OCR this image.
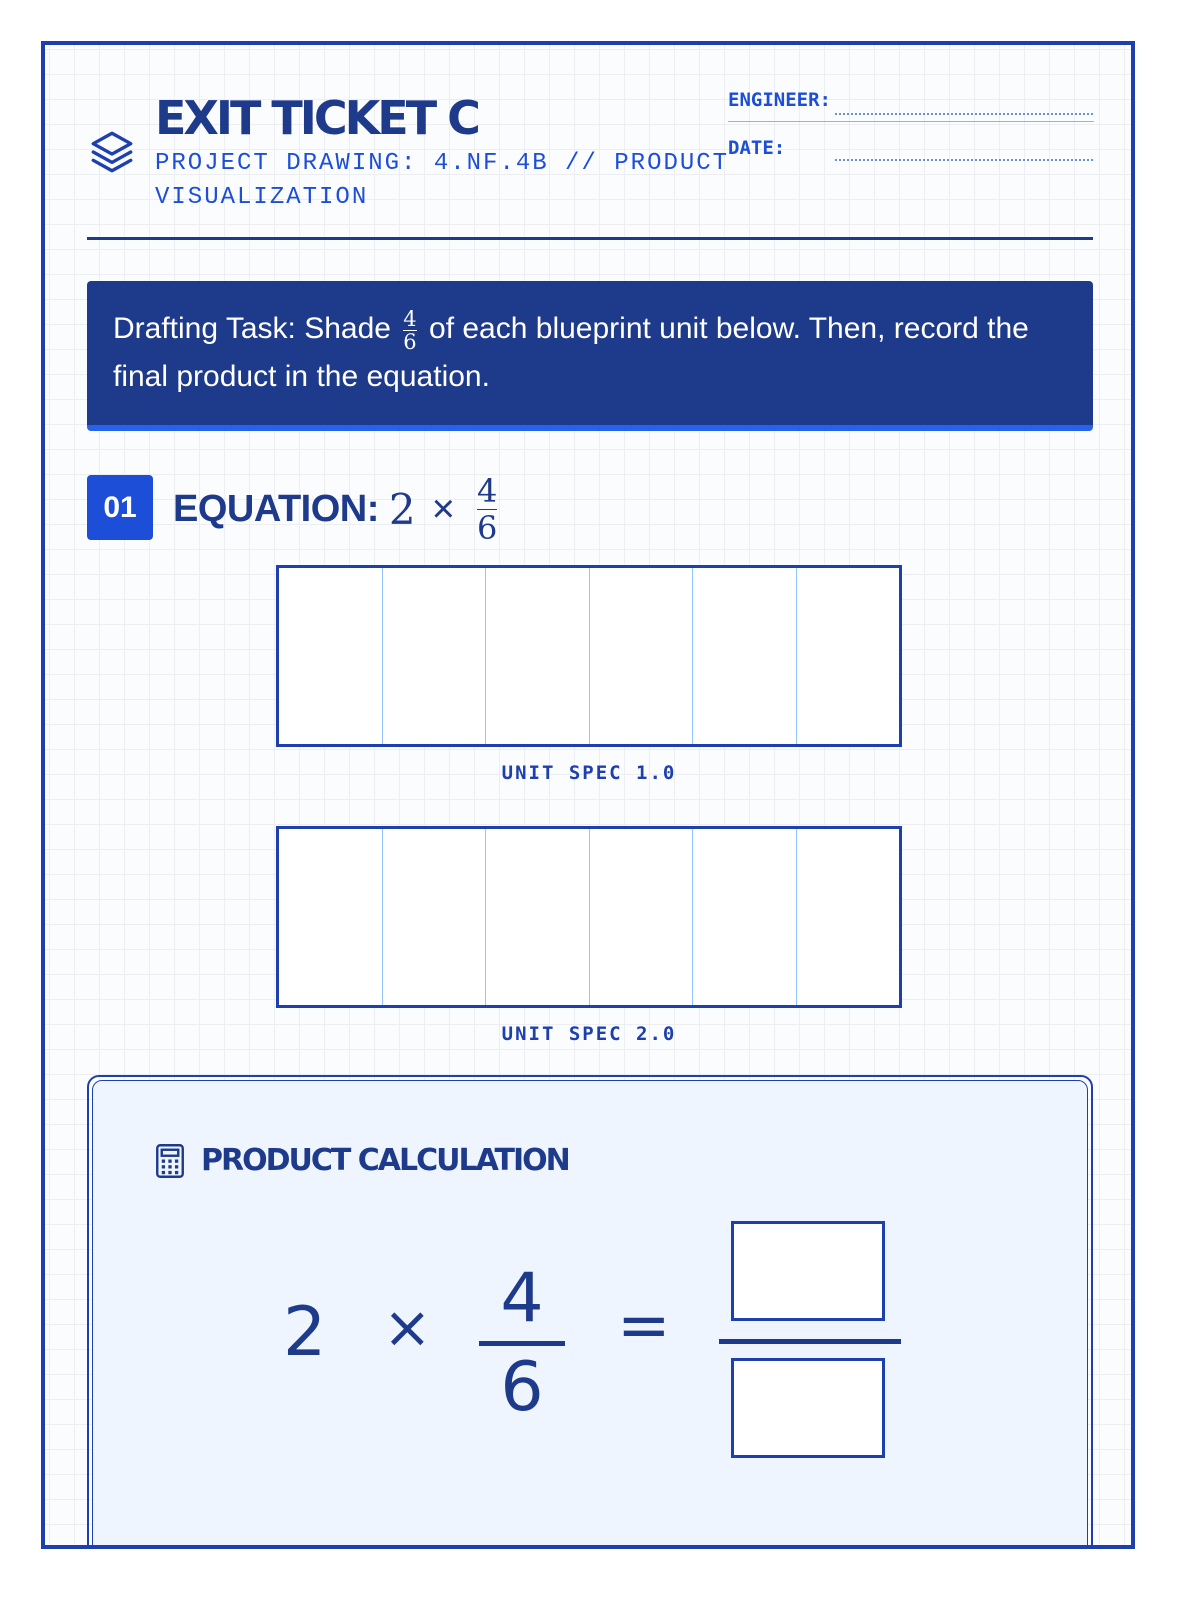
EXIT TICKET C
PROJECT DRAWING: 4.NF.4B // PRODUCT VISUALIZATION
ENGINEER:
DATE:
Drafting Task: Shade $\frac{4}{6}$ of each blueprint unit below. Then, record the final product in the equation.
01 EQUATION: $2 \times \frac{4}{6}$
UNIT SPEC 1.0
UNIT SPEC 2.0
PRODUCT CALCULATION
2 ×	4
6
=
